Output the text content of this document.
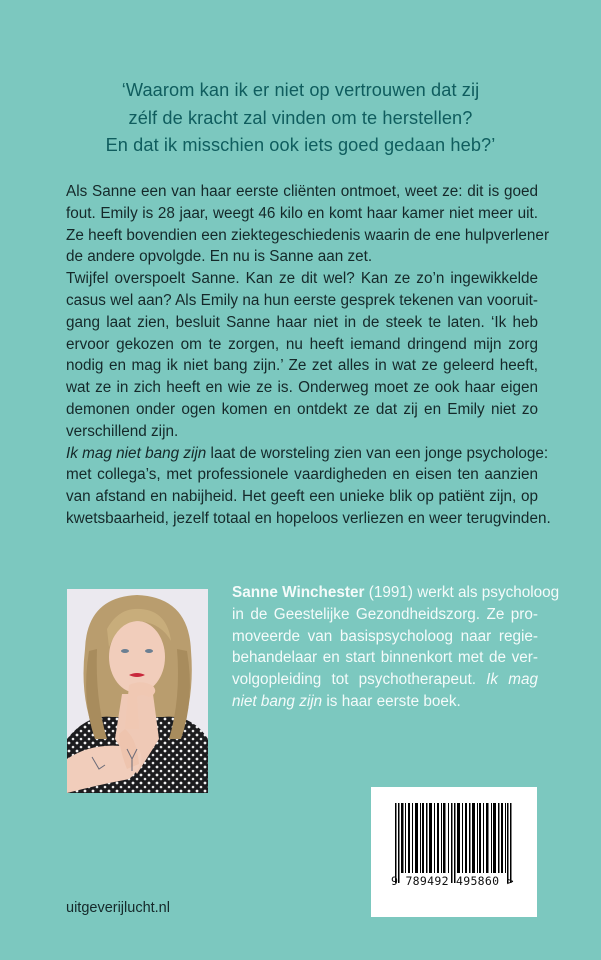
‘Waarom kan ik er niet op vertrouwen dat zij
zélf de kracht zal vinden om te herstellen?
En dat ik misschien ook iets goed gedaan heb?’
Als Sanne een van haar eerste cliënten ontmoet, weet ze: dit is goed
fout. Emily is 28 jaar, weegt 46 kilo en komt haar kamer niet meer uit.
Ze heeft bovendien een ziektegeschiedenis waarin de ene hulpverlener
de andere opvolgde. En nu is Sanne aan zet.
Twijfel overspoelt Sanne. Kan ze dit wel? Kan ze zo’n ingewikkelde
casus wel aan? Als Emily na hun eerste gesprek tekenen van vooruit-
gang laat zien, besluit Sanne haar niet in de steek te laten. ‘Ik heb
ervoor gekozen om te zorgen, nu heeft iemand dringend mijn zorg
nodig en mag ik niet bang zijn.’ Ze zet alles in wat ze geleerd heeft,
wat ze in zich heeft en wie ze is. Onderweg moet ze ook haar eigen
demonen onder ogen komen en ontdekt ze dat zij en Emily niet zo
verschillend zijn.
Ik mag niet bang zijn laat de worsteling zien van een jonge psychologe:
met collega’s, met professionele vaardigheden en eisen ten aanzien
van afstand en nabijheid. Het geeft een unieke blik op patiënt zijn, op
kwetsbaarheid, jezelf totaal en hopeloos verliezen en weer terugvinden.
Sanne Winchester (1991) werkt als psycholoog
in de Geestelijke Gezondheidszorg. Ze pro-
moveerde van basispsycholoog naar regie-
behandelaar en start binnenkort met de ver-
volgopleiding tot psychotherapeut. Ik mag
niet bang zijn is haar eerste boek.
9 789492 495860 >
uitgeverijlucht.nl
